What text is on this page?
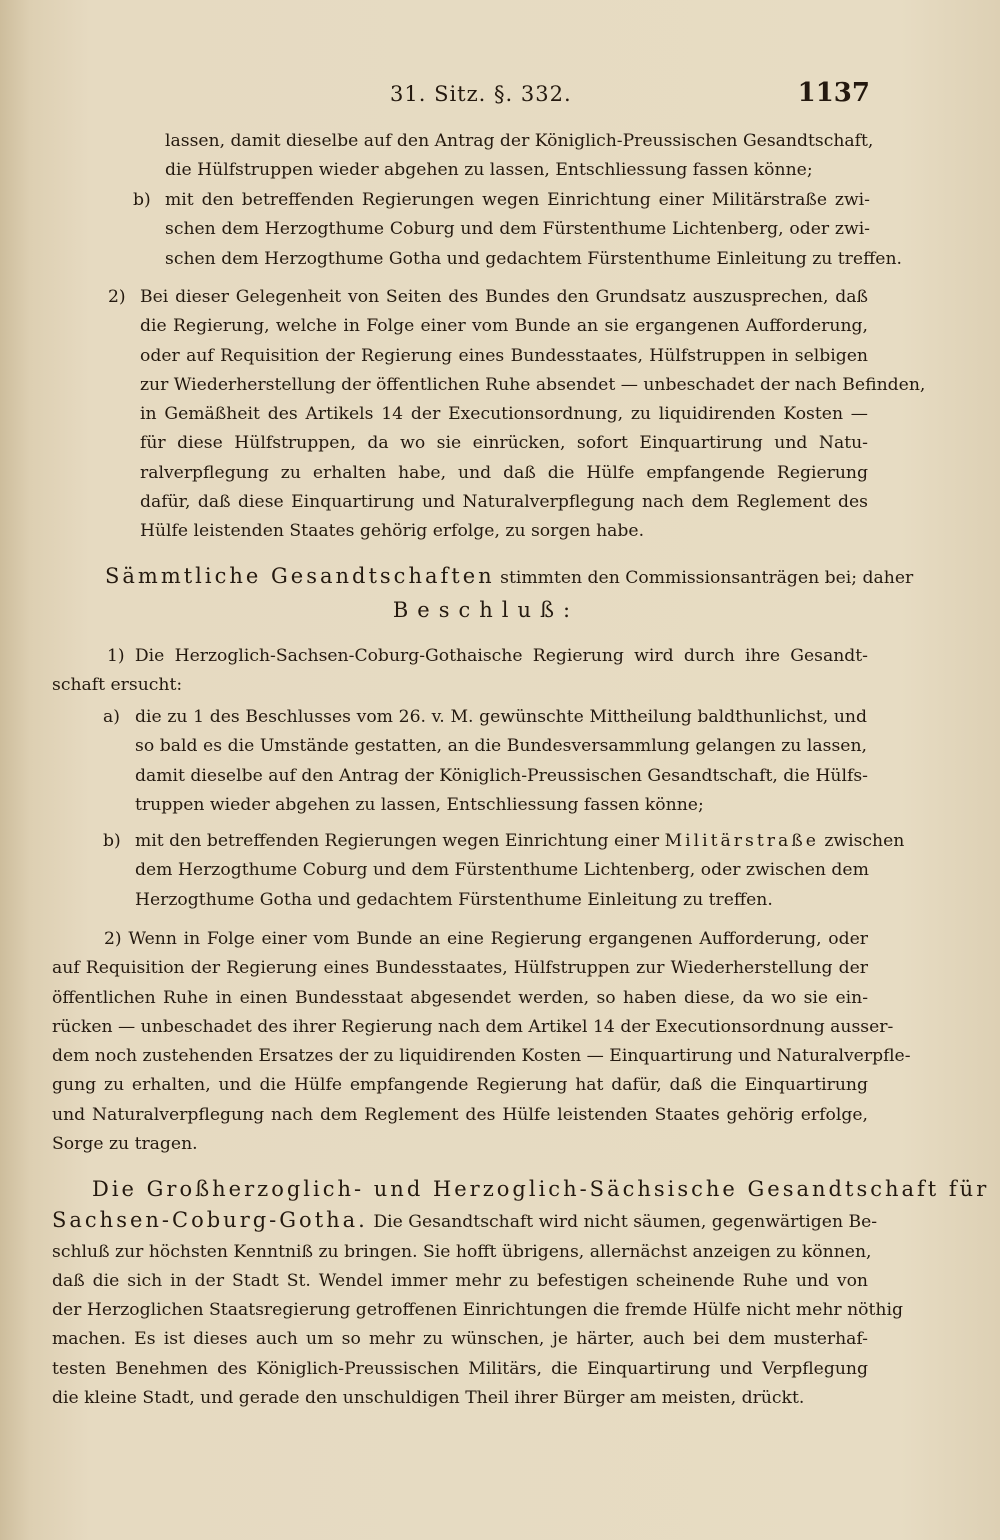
31. Sitz. §. 332.	1137
lassen, damit dieselbe auf den Antrag der Königlich-Preussischen Gesandtschaft,
die Hülfstruppen wieder abgehen zu lassen, Entschliessung fassen könne;
b) mit den betreffenden Regierungen wegen Einrichtung einer Militärstraße zwi-
schen dem Herzogthume Coburg und dem Fürstenthume Lichtenberg, oder zwi-
schen dem Herzogthume Gotha und gedachtem Fürstenthume Einleitung zu treffen.
2) Bei dieser Gelegenheit von Seiten des Bundes den Grundsatz auszusprechen, daß
die Regierung, welche in Folge einer vom Bunde an sie ergangenen Aufforderung,
oder auf Requisition der Regierung eines Bundesstaates, Hülfstruppen in selbigen
zur Wiederherstellung der öffentlichen Ruhe absendet — unbeschadet der nach Befinden,
in Gemäßheit des Artikels 14 der Executionsordnung, zu liquidirenden Kosten —
für diese Hülfstruppen, da wo sie einrücken, sofort Einquartirung und Natu-
ralverpflegung zu erhalten habe, und daß die Hülfe empfangende Regierung
dafür, daß diese Einquartirung und Naturalverpflegung nach dem Reglement des
Hülfe leistenden Staates gehörig erfolge, zu sorgen habe.
Sämmtliche Gesandtschaften stimmten den Commissionsanträgen bei; daher
Beschluß:
1) Die Herzoglich-Sachsen-Coburg-Gothaische Regierung wird durch ihre Gesandt-
schaft ersucht:
a) die zu 1 des Beschlusses vom 26. v. M. gewünschte Mittheilung baldthunlichst, und
so bald es die Umstände gestatten, an die Bundesversammlung gelangen zu lassen,
damit dieselbe auf den Antrag der Königlich-Preussischen Gesandtschaft, die Hülfs-
truppen wieder abgehen zu lassen, Entschliessung fassen könne;
b) mit den betreffenden Regierungen wegen Einrichtung einer Militärstraße zwischen
dem Herzogthume Coburg und dem Fürstenthume Lichtenberg, oder zwischen dem
Herzogthume Gotha und gedachtem Fürstenthume Einleitung zu treffen.
2) Wenn in Folge einer vom Bunde an eine Regierung ergangenen Aufforderung, oder
auf Requisition der Regierung eines Bundesstaates, Hülfstruppen zur Wiederherstellung der
öffentlichen Ruhe in einen Bundesstaat abgesendet werden, so haben diese, da wo sie ein-
rücken — unbeschadet des ihrer Regierung nach dem Artikel 14 der Executionsordnung ausser-
dem noch zustehenden Ersatzes der zu liquidirenden Kosten — Einquartirung und Naturalverpfle-
gung zu erhalten, und die Hülfe empfangende Regierung hat dafür, daß die Einquartirung
und Naturalverpflegung nach dem Reglement des Hülfe leistenden Staates gehörig erfolge,
Sorge zu tragen.
Die Großherzoglich- und Herzoglich-Sächsische Gesandtschaft für
Sachsen-Coburg-Gotha. Die Gesandtschaft wird nicht säumen, gegenwärtigen Be-
schluß zur höchsten Kenntniß zu bringen. Sie hofft übrigens, allernächst anzeigen zu können,
daß die sich in der Stadt St. Wendel immer mehr zu befestigen scheinende Ruhe und von
der Herzoglichen Staatsregierung getroffenen Einrichtungen die fremde Hülfe nicht mehr nöthig
machen. Es ist dieses auch um so mehr zu wünschen, je härter, auch bei dem musterhaf-
testen Benehmen des Königlich-Preussischen Militärs, die Einquartirung und Verpflegung
die kleine Stadt, und gerade den unschuldigen Theil ihrer Bürger am meisten, drückt.
